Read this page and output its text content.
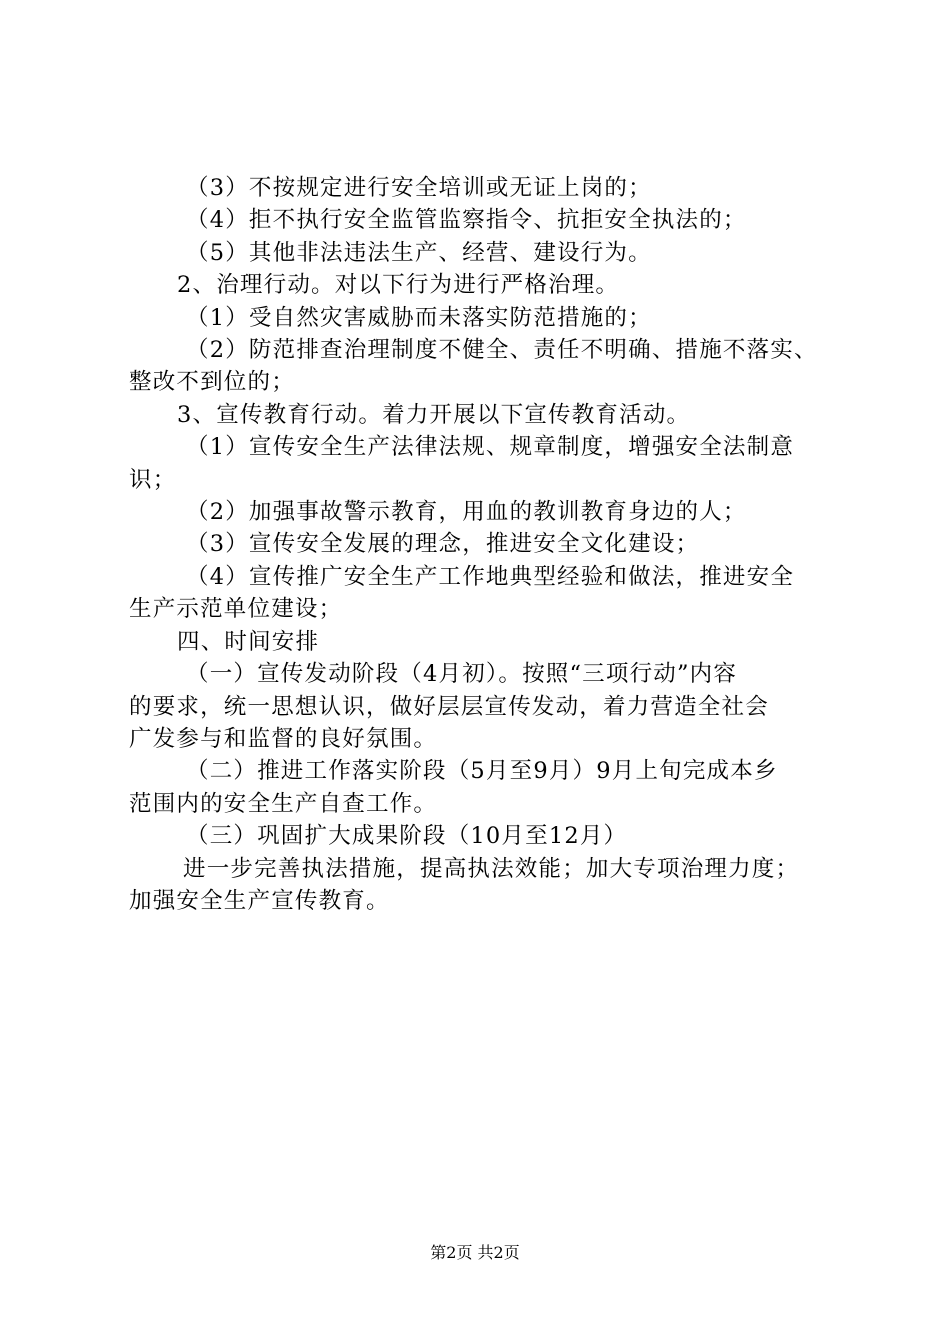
（3）不按规定进行安全培训或无证上岗的；
（4）拒不执行安全监管监察指令、抗拒安全执法的；
（5）其他非法违法生产、经营、建设行为。
2、治理行动。对以下行为进行严格治理。
（1）受自然灾害威胁而未落实防范措施的；
（2）防范排查治理制度不健全、责任不明确、措施不落实、
整改不到位的；
3、宣传教育行动。着力开展以下宣传教育活动。
（1）宣传安全生产法律法规、规章制度，增强安全法制意
识；
（2）加强事故警示教育，用血的教训教育身边的人；
（3）宣传安全发展的理念，推进安全文化建设；
（4）宣传推广安全生产工作地典型经验和做法，推进安全
生产示范单位建设；
四、时间安排
（一）宣传发动阶段（4月初）。按照“三项行动”内容
的要求，统一思想认识，做好层层宣传发动，着力营造全社会
广发参与和监督的良好氛围。
（二）推进工作落实阶段（5月至9月）9月上旬完成本乡
范围内的安全生产自查工作。
（三）巩固扩大成果阶段（10月至12月）
进一步完善执法措施，提高执法效能；加大专项治理力度；
加强安全生产宣传教育。
第2页 共2页
